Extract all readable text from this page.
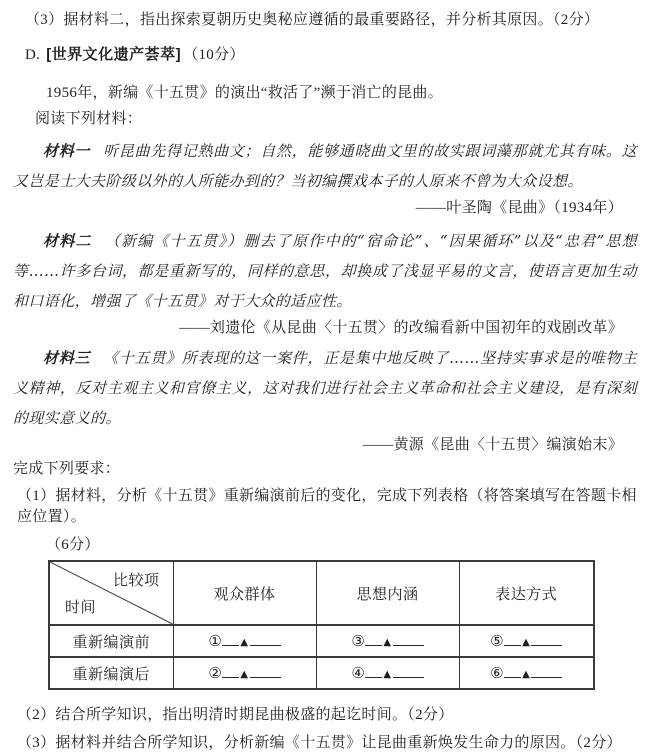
（3）据材料二，指出探索夏朝历史奥秘应遵循的最重要路径，并分析其原因。（2分）

D. [世界文化遗产荟萃] （10分）

1956年，新编《十五贯》的演出“救活了”濒于消亡的昆曲。

阅读下列材料：

材料一 听昆曲先得记熟曲文；自然，能够通晓曲文里的故实跟词藻那就尤其有味。这又岂是士大夫阶级以外的人所能办到的？当初编撰戏本子的人原来不曾为大众设想。

——叶圣陶《昆曲》（1934年）

材料二 （新编《十五贯》）删去了原作中的“宿命论”、“因果循环”以及“忠君”思想等……许多台词，都是重新写的，同样的意思，却换成了浅显平易的文言，使语言更加生动和口语化，增强了《十五贯》对于大众的适应性。

——刘遗伦《从昆曲〈十五贯〉的改编看新中国初年的戏剧改革》

材料三 《十五贯》所表现的这一案件，正是集中地反映了……坚持实事求是的唯物主义精神，反对主观主义和官僚主义，这对我们进行社会主义革命和社会主义建设，是有深刻的现实意义的。

——黄源《昆曲〈十五贯〉编演始末》

完成下列要求：

（1）据材料，分析《十五贯》重新编演前后的变化，完成下列表格（将答案填写在答题卡相应位置）。

（6分）

比较项
时间	观众群体	思想内涵	表达方式
重新编演前	① ▲	③ ▲	⑤ ▲
重新编演后	② ▲	④ ▲	⑥ ▲

（2）结合所学知识，指出明清时期昆曲极盛的起讫时间。（2分）

（3）据材料并结合所学知识，分析新编《十五贯》让昆曲重新焕发生命力的原因。（2分）
